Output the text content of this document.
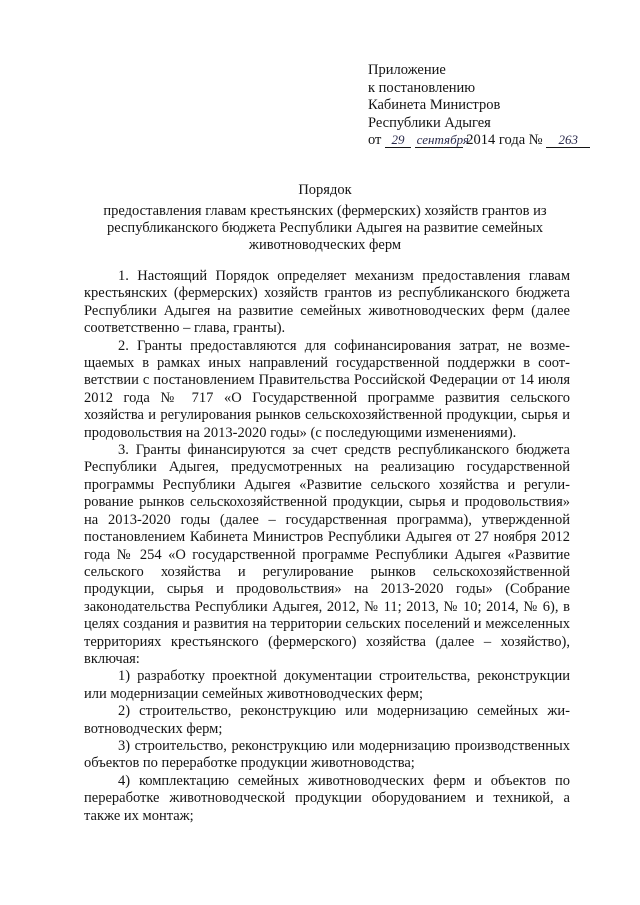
Приложение
к постановлению
Кабинета Министров
Республики Адыгея
от 29 сентября 2014 года № 263
Порядок
предоставления главам крестьянских (фермерских) хозяйств грантов из
республиканского бюджета Республики Адыгея на развитие семейных
животноводческих ферм

1. Настоящий Порядок определяет механизм предоставления главам крестьянских (фермерских) хозяйств грантов из республиканского бюджета Республики Адыгея на развитие семейных животноводческих ферм (далее соответственно – глава, гранты).

2. Гранты предоставляются для софинансирования затрат, не возмещаемых в рамках иных направлений государственной поддержки в соответствии с постановлением Правительства Российской Федерации от 14 июля 2012 года № 717 «О Государственной программе развития сельского хозяйства и регулирования рынков сельскохозяйственной продукции, сырья и продовольствия на 2013-2020 годы» (с последующими изменениями).

3. Гранты финансируются за счет средств республиканского бюджета Республики Адыгея, предусмотренных на реализацию государственной программы Республики Адыгея «Развитие сельского хозяйства и регулирование рынков сельскохозяйственной продукции, сырья и продовольствия» на 2013-2020 годы (далее – государственная программа), утвержденной постановлением Кабинета Министров Республики Адыгея от 27 ноября 2012 года № 254 «О государственной программе Республики Адыгея «Развитие сельского хозяйства и регулирование рынков сельскохозяйственной продукции, сырья и продовольствия» на 2013-2020 годы» (Собрание законодательства Республики Адыгея, 2012, № 11; 2013, № 10; 2014, № 6), в целях создания и развития на территории сельских поселений и межселенных территориях крестьянского (фермерского) хозяйства (далее – хозяйство), включая:

1) разработку проектной документации строительства, реконструкции или модернизации семейных животноводческих ферм;

2) строительство, реконструкцию или модернизацию семейных животноводческих ферм;

3) строительство, реконструкцию или модернизацию производственных объектов по переработке продукции животноводства;

4) комплектацию семейных животноводческих ферм и объектов по переработке животноводческой продукции оборудованием и техникой, а также их монтаж;
